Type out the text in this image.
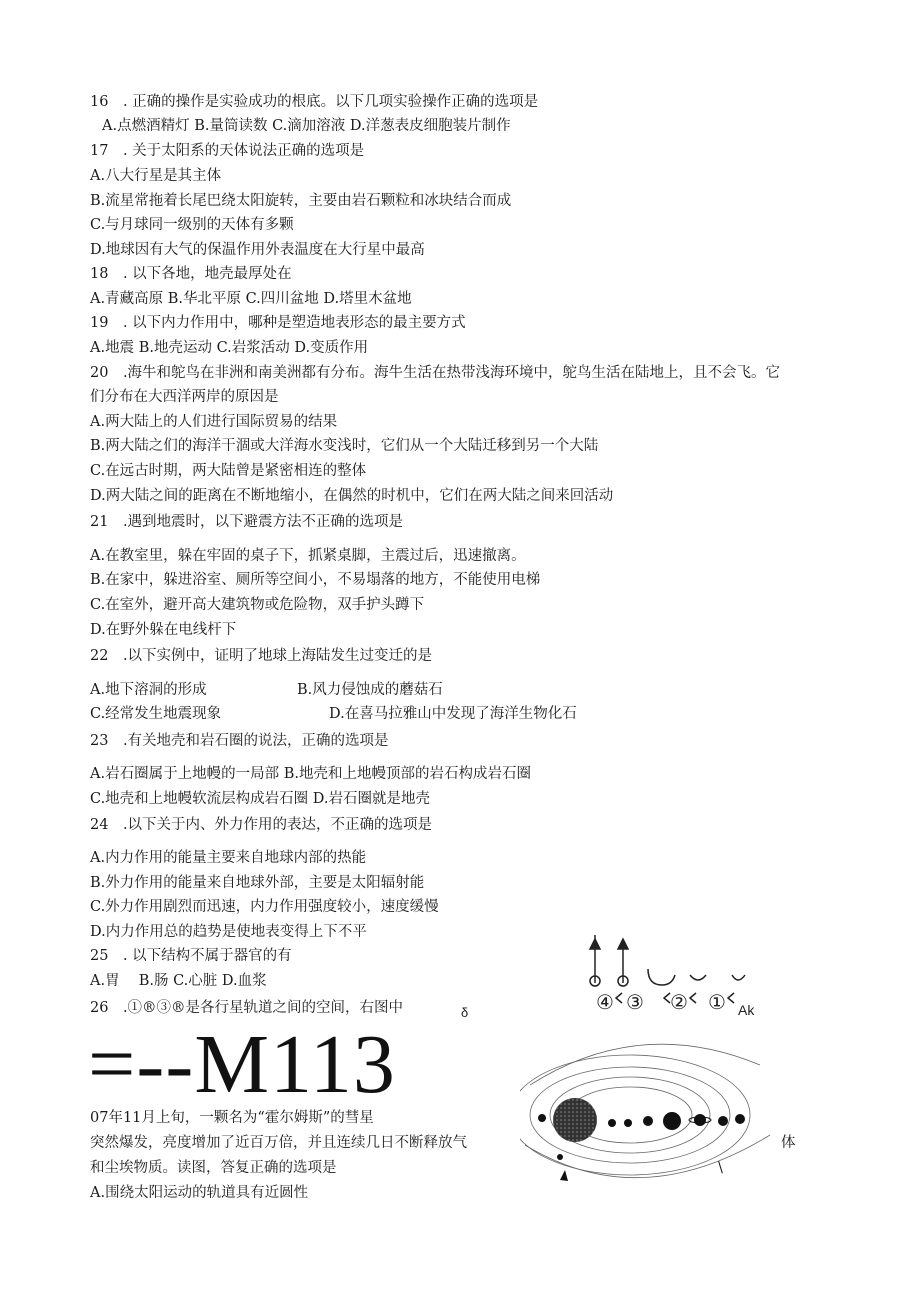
16　. 正确的操作是实验成功的根底。以下几项实验操作正确的选项是
A.点燃酒精灯 B.量筒读数 C.滴加溶液 D.洋葱表皮细胞装片制作
17　. 关于太阳系的天体说法正确的选项是
A.八大行星是其主体
B.流星常拖着长尾巴绕太阳旋转，主要由岩石颗粒和冰块结合而成
C.与月球同一级别的天体有多颗
D.地球因有大气的保温作用外表温度在大行星中最高
18　. 以下各地，地壳最厚处在
A.青藏高原 B.华北平原 C.四川盆地 D.塔里木盆地
19　. 以下内力作用中，哪种是塑造地表形态的最主要方式
A.地震 B.地壳运动 C.岩浆活动 D.变质作用
20　.海牛和鸵鸟在非洲和南美洲都有分布。海牛生活在热带浅海环境中，鸵鸟生活在陆地上，且不会飞。它
们分布在大西洋两岸的原因是
A.两大陆上的人们进行国际贸易的结果
B.两大陆之们的海洋干涸或大洋海水变浅时，它们从一个大陆迁移到另一个大陆
C.在远古时期，两大陆曾是紧密相连的整体
D.两大陆之间的距离在不断地缩小，在偶然的时机中，它们在两大陆之间来回活动
21　.遇到地震时，以下避震方法不正确的选项是
A.在教室里，躲在牢固的桌子下，抓紧桌脚，主震过后，迅速撤离。
B.在家中，躲进浴室、厕所等空间小，不易塌落的地方，不能使用电梯
C.在室外，避开高大建筑物或危险物，双手护头蹲下
D.在野外躲在电线杆下
22　.以下实例中，证明了地球上海陆发生过变迁的是
A.地下溶洞的形成	B.风力侵蚀成的蘑菇石
C.经常发生地震现象	D.在喜马拉雅山中发现了海洋生物化石
23　.有关地壳和岩石圈的说法，正确的选项是
A.岩石圈属于上地幔的一局部 B.地壳和上地幔顶部的岩石构成岩石圈
C.地壳和上地幔软流层构成岩石圈 D.岩石圈就是地壳
24　.以下关于内、外力作用的表达，不正确的选项是
A.内力作用的能量主要来自地球内部的热能
B.外力作用的能量来自地球外部，主要是太阳辐射能
C.外力作用剧烈而迅速，内力作用强度较小，速度缓慢
D.内力作用总的趋势是使地表变得上下不平
25　. 以下结构不属于器官的有
A.胃　 B.肠 C.心脏 D.血浆
26　.①®③®是各行星轨道之间的空间，右图中	δ
=--M113
07年11月上旬，一颗名为“霍尔姆斯”的彗星
突然爆发，亮度增加了近百万倍，并且连续几日不断释放气	体
和尘埃物质。读图，答复正确的选项是	\
A.围绕太阳运动的轨道具有近圆性
④ ③ ② ① Ak
